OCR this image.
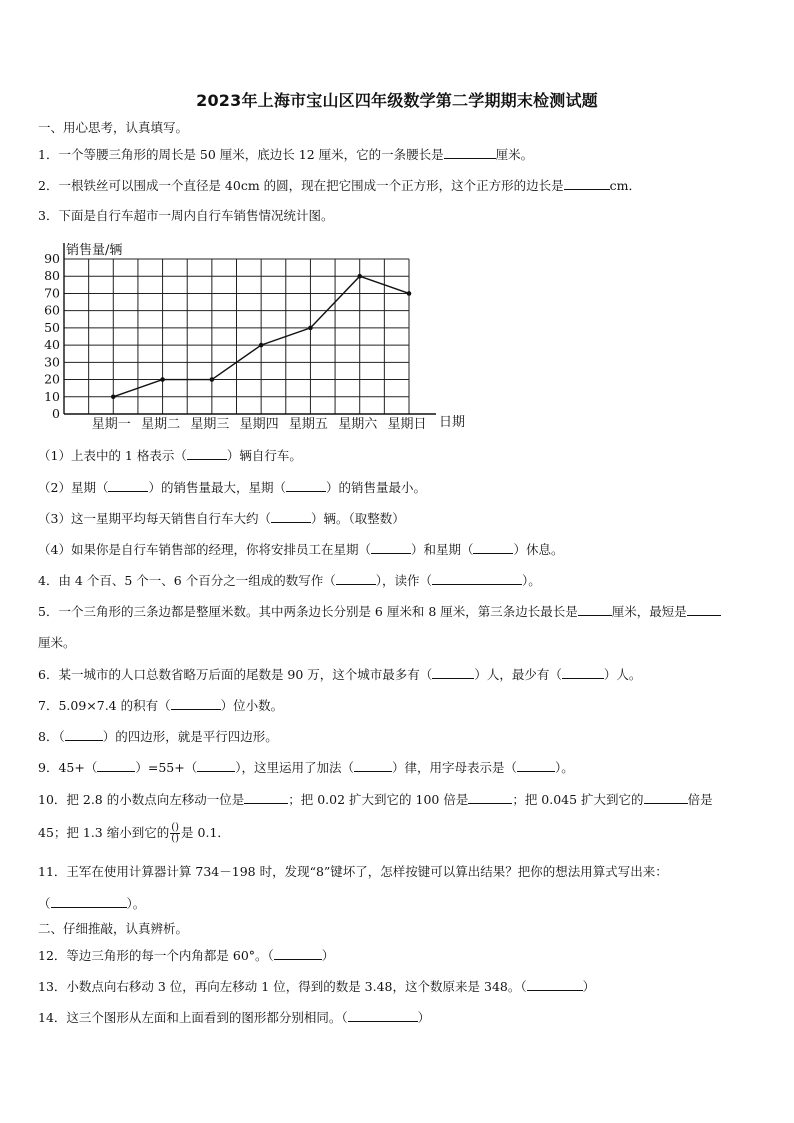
2023年上海市宝山区四年级数学第二学期期末检测试题
一、用心思考，认真填写。
1．一个等腰三角形的周长是 50 厘米，底边长 12 厘米，它的一条腰长是	厘米。
2．一根铁丝可以围成一个直径是 40cm 的圆，现在把它围成一个正方形，这个正方形的边长是	cm．
3．下面是自行车超市一周内自行车销售情况统计图。
0
10
20
30
40
50
60
70
80
90
星期一 星期二 星期三 星期四 星期五 星期六 星期日
销售量/辆
日期
（1）上表中的 1 格表示（	）辆自行车。
（2）星期（	）的销售量最大，星期（	）的销售量最小。
（3）这一星期平均每天销售自行车大约（	）辆。（取整数）
（4）如果你是自行车销售部的经理，你将安排员工在星期（	）和星期（	）休息。
4．由 4 个百、5 个一、6 个百分之一组成的数写作（	），读作（	）。
5．一个三角形的三条边都是整厘米数。其中两条边长分别是 6 厘米和 8 厘米，第三条边长最长是	厘米，最短是
厘米。
6．某一城市的人口总数省略万后面的尾数是 90 万，这个城市最多有（	）人，最少有（	）人。
7．5.09×7.4 的积有（	）位小数。
8．（	）的四边形，就是平行四边形。
9．45+（	）=55+（	），这里运用了加法（	）律，用字母表示是（	）。
10．把 2.8 的小数点向左移动一位是	；把 0.02 扩大到它的 100 倍是	；把 0.045 扩大到它的	倍是
45；把 1.3 缩小到它的 $\frac{()}{()}$ 是 0.1．
11．王军在使用计算器计算 734－198 时，发现“8”键坏了，怎样按键可以算出结果？把你的想法用算式写出来：
（	）。
二、仔细推敲，认真辨析。
12．等边三角形的每一个内角都是 60°。（	）
13．小数点向右移动 3 位，再向左移动 1 位，得到的数是 3.48，这个数原来是 348。（	）
14．这三个图形从左面和上面看到的图形都分别相同。（	）
